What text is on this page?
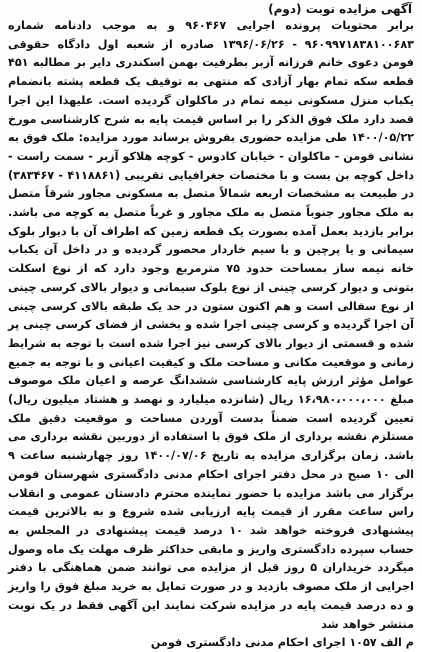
آگهی مزایده نوبت (دوم)

برابر محتویات پرونده اجرایی ۹۶۰۴۶۷ و به موجب دادنامه شماره ۹۶۰۹۹۷۱۸۳۸۱۰۰۶۸۳ - ۱۳۹۶/۰۶/۲۶ صادره از شعبه اول دادگاه حقوقی فومن دعوی خانم فرزانه آزبر بطرفیت بهمن اسکندری دایر بر مطالبه ۴۵۱ قطعه سکه تمام بهار آزادی که منتهی به توقیف یک قطعه پشته بانضمام یکباب منزل مسکونی نیمه تمام در ماکلوان گردیده است. علیهذا این اجرا قصد دارد ملک فوق الذکر را بر اساس قیمت پایه به شرح کارشناسی مورخ ۱۴۰۰/۰۵/۲۲ طی مزایده حضوری بفروش برساند مورد مزایده: ملک فوق به نشانی فومن - ماکلوان - خیابان کادوس - کوچه هلاکو آزبر - سمت راست - داخل کوچه بن بست و با مختصات جغرافیایی تقریبی (۴۱۱۸۸۶۱ - ۳۸۳۴۶۷) در طبیعت به مشخصات اربعه شمالاً متصل به مسکونی مجاور شرقاً متصل به ملک مجاور جنوباً متصل به ملک مجاور و غرباً متصل به کوچه می باشد. برابر بازدید بعمل آمده بصورت یک قطعه زمین که اطراف آن با دیوار بلوک سیمانی و یا پرچین و یا سیم خاردار محصور گردیده و در داخل آن یکباب خانه نیمه ساز بمساحت حدود ۷۵ مترمربع وجود دارد که از نوع اسکلت بتونی و دیوار کرسی چینی از نوع بلوک سیمانی و دیوار بالای کرسی چینی از نوع سفالی است و هم اکنون ستون در حد یک طبقه بالای کرسی چینی آن اجرا گردیده و کرسی چینی اجرا شده و بخشی از فضای کرسی چینی پر شده و قسمتی از دیوار بالای کرسی نیز اجرا شده است با توجه به شرایط زمانی و موقعیت مکانی و مساحت ملک و کیفیت اعیانی و با توجه به جمیع عوامل مؤثر ارزش پایه کارشناسی ششدانگ عرصه و اعیان ملک موصوف مبلغ ۱۶،۹۸۰،۰۰۰،۰۰۰ ریال (شانزده میلیارد و نهصد و هشتاد میلیون ریال) تعیین گردیده است ضمناً بدست آوردن مساحت و موقعیت دقیق ملک مستلزم نقشه برداری از ملک فوق با استفاده از دوربین نقشه برداری می باشد. زمان برگزاری مزایده به تاریخ ۱۴۰۰/۰۷/۰۶ روز چهارشنبه ساعت ۹ الی ۱۰ صبح در محل دفتر اجرای احکام مدنی دادگستری شهرستان فومن برگزار می باشد مزایده با حضور نماینده محترم دادستان عمومی و انقلاب راس ساعت مقرر از قیمت پایه ارزیابی شده شروع و به بالاترین قیمت پیشنهادی فروخته خواهد شد ۱۰ درصد قیمت پیشنهادی در المجلس به حساب سپرده دادگستری واریز و مابقی حداکثر ظرف مهلت یک ماه وصول میگردد خریداران ۵ روز قبل از مزایده می توانند ضمن هماهنگی با دفتر اجرایی از ملک مصوف بازدید و در صورت تمایل به خرید مبلغ فوق را واریز و ده درصد قیمت پایه در مزایده شرکت نمایند این آگهی فقط در یک نوبت منتشر خواهد شد

م الف ۱۰۵۷ اجرای احکام مدنی دادگستری فومن
